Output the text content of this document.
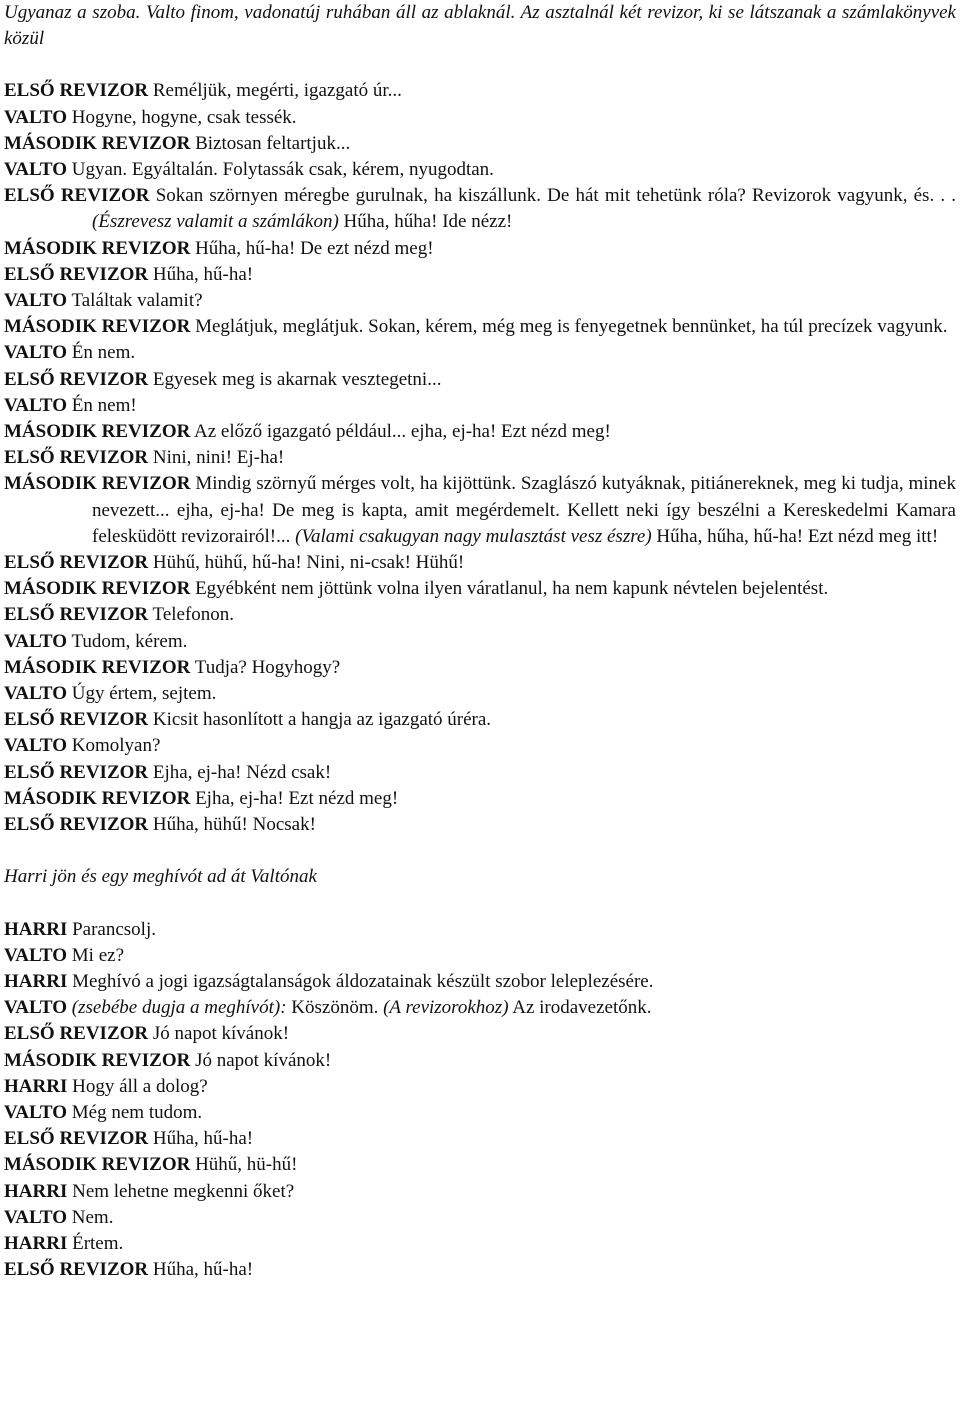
Ugyanaz a szoba. Valto finom, vadonatúj ruhában áll az ablaknál. Az asztalnál két revizor, ki se látszanak a számlakönyvek közül
ELSŐ REVIZOR Reméljük, megérti, igazgató úr...
VALTO Hogyne, hogyne, csak tessék.
MÁSODIK REVIZOR Biztosan feltartjuk...
VALTO Ugyan. Egyáltalán. Folytassák csak, kérem, nyugodtan.
ELSŐ REVIZOR Sokan szörnyen méregbe gurulnak, ha kiszállunk. De hát mit tehetünk róla? Revizorok vagyunk, és. . . (Észrevesz valamit a számlákon) Hűha, hűha! Ide nézz!
MÁSODIK REVIZOR Hűha, hű-ha! De ezt nézd meg!
ELSŐ REVIZOR Hűha, hű-ha!
VALTO Találtak valamit?
MÁSODIK REVIZOR Meglátjuk, meglátjuk. Sokan, kérem, még meg is fenyegetnek bennünket, ha túl precízek vagyunk.
VALTO Én nem.
ELSŐ REVIZOR Egyesek meg is akarnak vesztegetni...
VALTO Én nem!
MÁSODIK REVIZOR Az előző igazgató például... ejha, ej-ha! Ezt nézd meg!
ELSŐ REVIZOR Nini, nini! Ej-ha!
MÁSODIK REVIZOR Mindig szörnyű mérges volt, ha kijöttünk. Szaglászó kutyáknak, pitiánereknek, meg ki tudja, minek nevezett... ejha, ej-ha! De meg is kapta, amit megérdemelt. Kellett neki így beszélni a Kereskedelmi Kamara felesküdött revizorairól!... (Valami csakugyan nagy mulasztást vesz észre) Hűha, hűha, hű-ha! Ezt nézd meg itt!
ELSŐ REVIZOR Hühű, hühű, hű-ha! Nini, ni-csak! Hühű!
MÁSODIK REVIZOR Egyébként nem jöttünk volna ilyen váratlanul, ha nem kapunk névtelen bejelentést.
ELSŐ REVIZOR Telefonon.
VALTO Tudom, kérem.
MÁSODIK REVIZOR Tudja? Hogyhogy?
VALTO Úgy értem, sejtem.
ELSŐ REVIZOR Kicsit hasonlított a hangja az igazgató úréra.
VALTO Komolyan?
ELSŐ REVIZOR Ejha, ej-ha! Nézd csak!
MÁSODIK REVIZOR Ejha, ej-ha! Ezt nézd meg!
ELSŐ REVIZOR Hűha, hühű! Nocsak!
Harri jön és egy meghívót ad át Valtónak
HARRI Parancsolj.
VALTO Mi ez?
HARRI Meghívó a jogi igazságtalanságok áldozatainak készült szobor leleplezésére.
VALTO (zsebébe dugja a meghívót): Köszönöm. (A revizorokhoz) Az irodavezetőnk.
ELSŐ REVIZOR Jó napot kívánok!
MÁSODIK REVIZOR Jó napot kívánok!
HARRI Hogy áll a dolog?
VALTO Még nem tudom.
ELSŐ REVIZOR Hűha, hű-ha!
MÁSODIK REVIZOR Hühű, hü-hű!
HARRI Nem lehetne megkenni őket?
VALTO Nem.
HARRI Értem.
ELSŐ REVIZOR Hűha, hű-ha!
